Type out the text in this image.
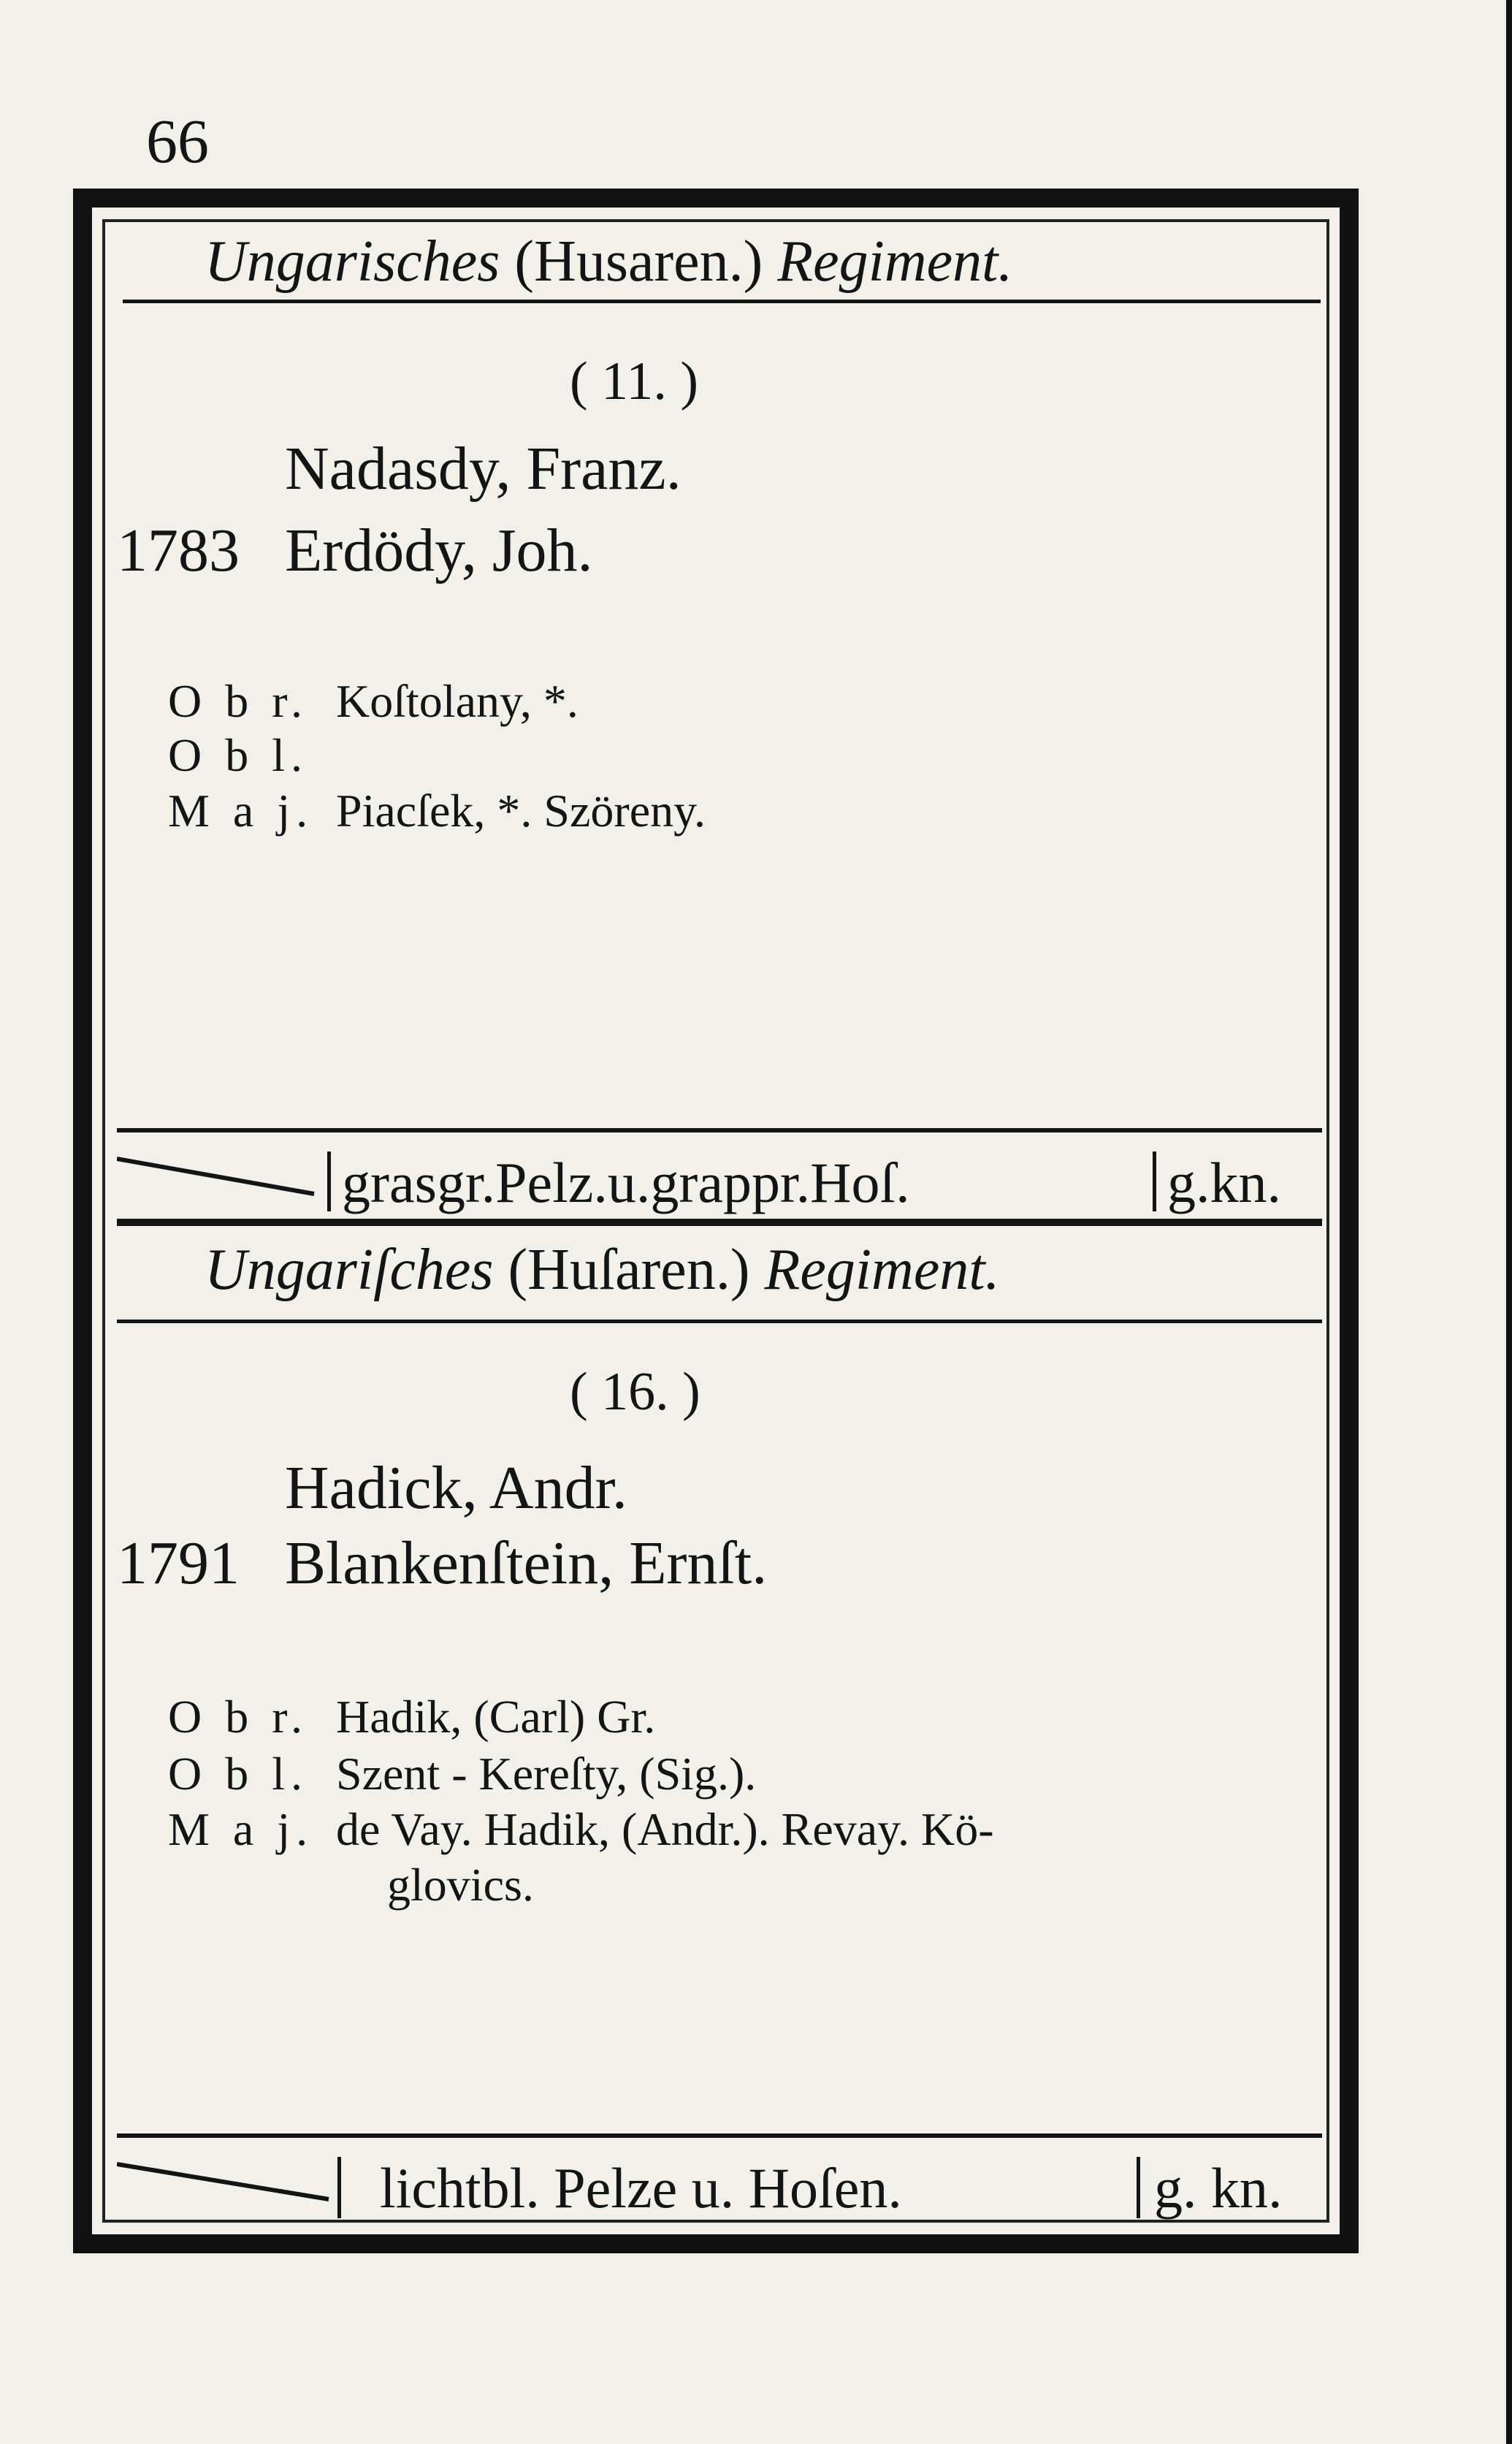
66
Ungarisches (Husaren.) Regiment.
( 11. )
Nadasdy, Franz.
1783 Erdödy, Joh.
O b r. Koſtolany, *.
O b l.
M a j. Piacſek, *. Szöreny.
grasgr.Pelz.u.grappr.Hoſ.	g.kn.
Ungariſches (Huſaren.) Regiment.
( 16. )
Hadick, Andr.
1791 Blankenſtein, Ernſt.
O b r. Hadik, (Carl) Gr.
O b l. Szent - Kereſty, (Sig.).
M a j. de Vay. Hadik, (Andr.). Revay. Kö-
glovics.
lichtbl. Pelze u. Hoſen.	g. kn.
